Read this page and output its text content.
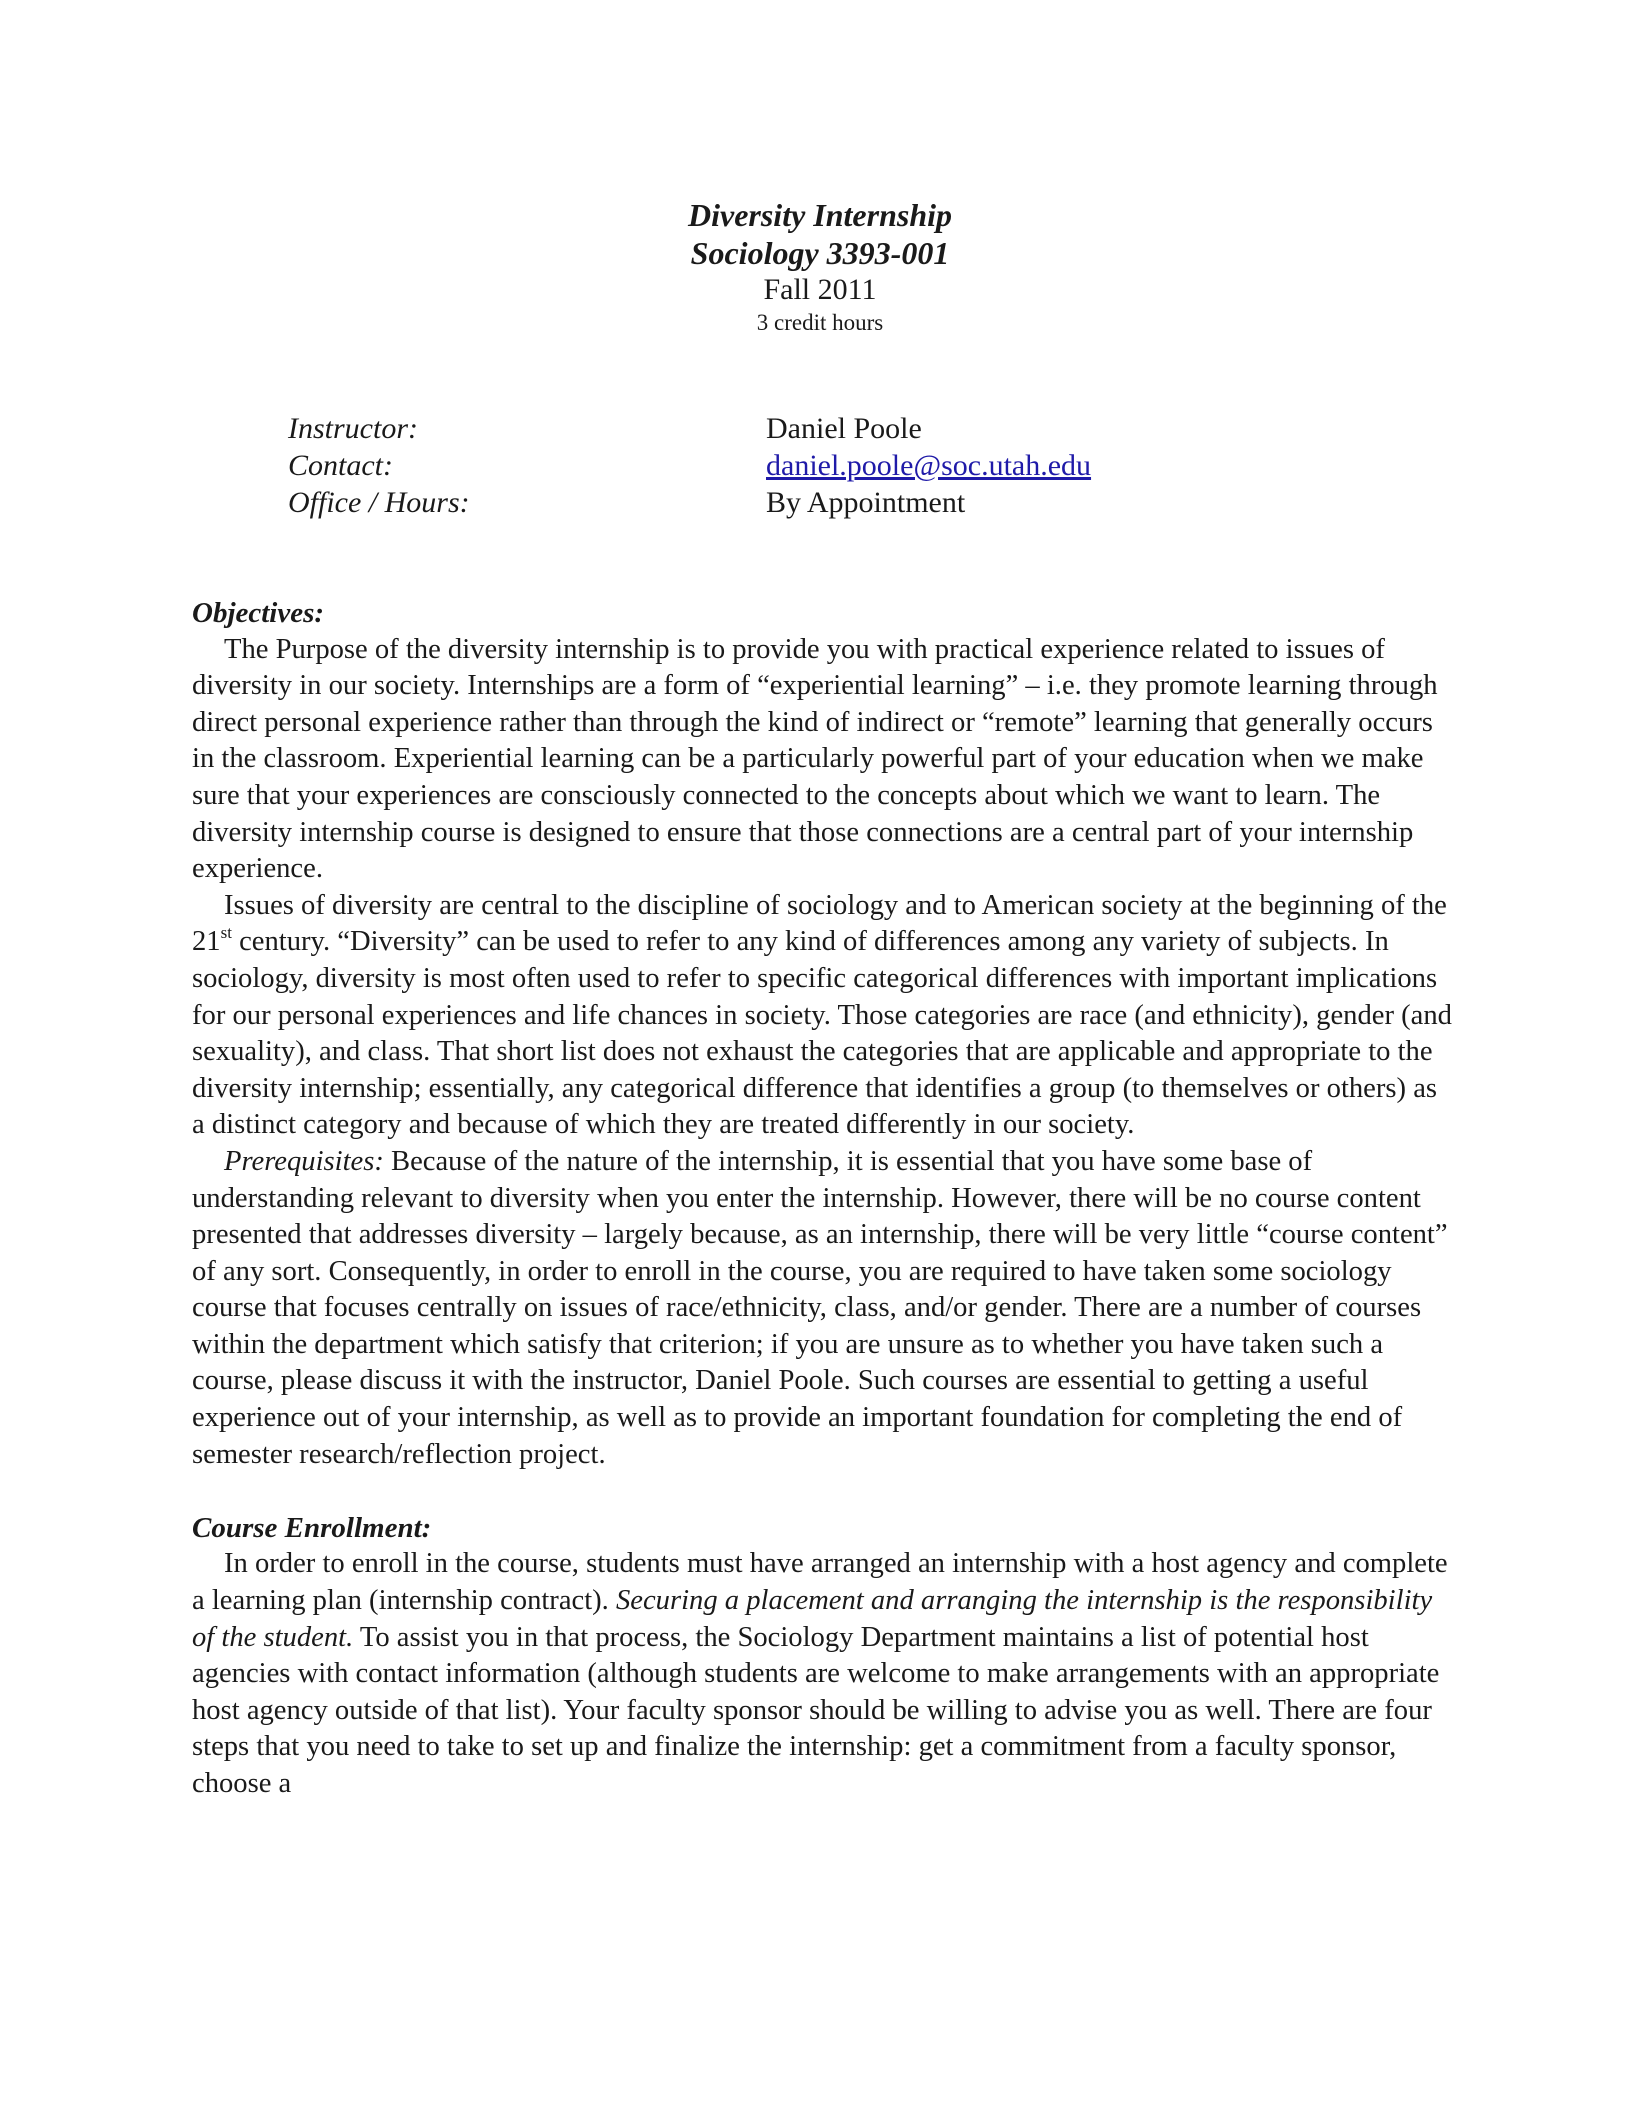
Diversity Internship

Sociology 3393-001

Fall 2011

3 credit hours

Instructor:	Daniel Poole
Contact:	daniel.poole@soc.utah.edu
Office / Hours:	By Appointment
Objectives:

The Purpose of the diversity internship is to provide you with practical experience related to issues of diversity in our society. Internships are a form of “experiential learning” – i.e. they promote learning through direct personal experience rather than through the kind of indirect or “remote” learning that generally occurs in the classroom. Experiential learning can be a particularly powerful part of your education when we make sure that your experiences are consciously connected to the concepts about which we want to learn. The diversity internship course is designed to ensure that those connections are a central part of your internship experience.

Issues of diversity are central to the discipline of sociology and to American society at the beginning of the 21st century. “Diversity” can be used to refer to any kind of differences among any variety of subjects. In sociology, diversity is most often used to refer to specific categorical differences with important implications for our personal experiences and life chances in society. Those categories are race (and ethnicity), gender (and sexuality), and class. That short list does not exhaust the categories that are applicable and appropriate to the diversity internship; essentially, any categorical difference that identifies a group (to themselves or others) as a distinct category and because of which they are treated differently in our society.

Prerequisites: Because of the nature of the internship, it is essential that you have some base of understanding relevant to diversity when you enter the internship. However, there will be no course content presented that addresses diversity – largely because, as an internship, there will be very little “course content” of any sort. Consequently, in order to enroll in the course, you are required to have taken some sociology course that focuses centrally on issues of race/ethnicity, class, and/or gender. There are a number of courses within the department which satisfy that criterion; if you are unsure as to whether you have taken such a course, please discuss it with the instructor, Daniel Poole. Such courses are essential to getting a useful experience out of your internship, as well as to provide an important foundation for completing the end of semester research/reflection project.

Course Enrollment:

In order to enroll in the course, students must have arranged an internship with a host agency and complete a learning plan (internship contract). Securing a placement and arranging the internship is the responsibility of the student. To assist you in that process, the Sociology Department maintains a list of potential host agencies with contact information (although students are welcome to make arrangements with an appropriate host agency outside of that list). Your faculty sponsor should be willing to advise you as well. There are four steps that you need to take to set up and finalize the internship: get a commitment from a faculty sponsor, choose a
